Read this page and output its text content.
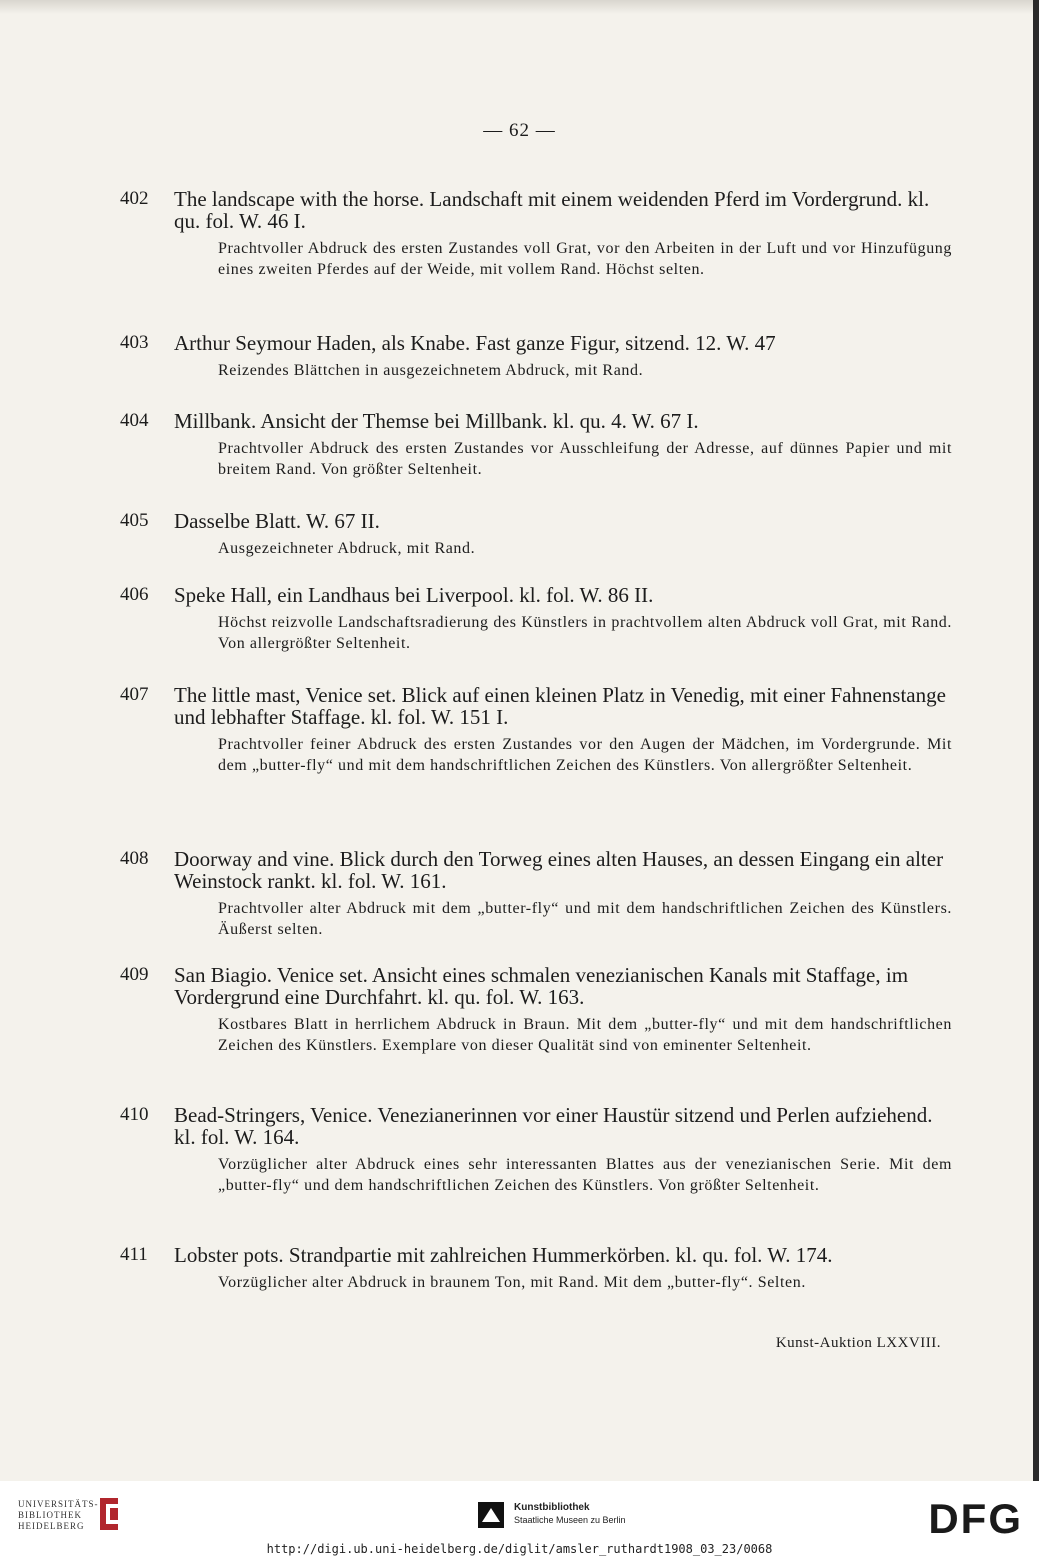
— 62 —
402	The landscape with the horse. Landschaft mit einem weidenden Pferd im Vordergrund. kl. qu. fol. W. 46 I.
Prachtvoller Abdruck des ersten Zustandes voll Grat, vor den Arbeiten in der Luft und vor Hinzufügung eines zweiten Pferdes auf der Weide, mit vollem Rand. Höchst selten.
403	Arthur Seymour Haden, als Knabe. Fast ganze Figur, sitzend. 12. W. 47
Reizendes Blättchen in ausgezeichnetem Abdruck, mit Rand.
404	Millbank. Ansicht der Themse bei Millbank. kl. qu. 4. W. 67 I.
Prachtvoller Abdruck des ersten Zustandes vor Ausschleifung der Adresse, auf dünnes Papier und mit breitem Rand. Von größter Seltenheit.
405	Dasselbe Blatt. W. 67 II.
Ausgezeichneter Abdruck, mit Rand.
406	Speke Hall, ein Landhaus bei Liverpool. kl. fol. W. 86 II.
Höchst reizvolle Landschaftsradierung des Künstlers in prachtvollem alten Abdruck voll Grat, mit Rand. Von allergrößter Seltenheit.
407	The little mast, Venice set. Blick auf einen kleinen Platz in Venedig, mit einer Fahnenstange und lebhafter Staffage. kl. fol. W. 151 I.
Prachtvoller feiner Abdruck des ersten Zustandes vor den Augen der Mädchen, im Vordergrunde. Mit dem „butter-fly“ und mit dem handschriftlichen Zeichen des Künstlers. Von allergrößter Seltenheit.
408	Doorway and vine. Blick durch den Torweg eines alten Hauses, an dessen Eingang ein alter Weinstock rankt. kl. fol. W. 161.
Prachtvoller alter Abdruck mit dem „butter-fly“ und mit dem handschriftlichen Zeichen des Künstlers. Äußerst selten.
409	San Biagio. Venice set. Ansicht eines schmalen venezianischen Kanals mit Staffage, im Vordergrund eine Durchfahrt. kl. qu. fol. W. 163.
Kostbares Blatt in herrlichem Abdruck in Braun. Mit dem „butter-fly“ und mit dem handschriftlichen Zeichen des Künstlers. Exemplare von dieser Qualität sind von eminenter Seltenheit.
410	Bead-Stringers, Venice. Venezianerinnen vor einer Haustür sitzend und Perlen aufziehend. kl. fol. W. 164.
Vorzüglicher alter Abdruck eines sehr interessanten Blattes aus der venezianischen Serie. Mit dem „butter-fly“ und dem handschriftlichen Zeichen des Künstlers. Von größter Seltenheit.
411	Lobster pots. Strandpartie mit zahlreichen Hummerkörben. kl. qu. fol. W. 174.
Vorzüglicher alter Abdruck in braunem Ton, mit Rand. Mit dem „butter-fly“. Selten.
Kunst-Auktion LXXVIII.
UNIVERSITÄTS-
BIBLIOTHEK
HEIDELBERG
Kunstbibliothek
Staatliche Museen zu Berlin	DFG
http://digi.ub.uni-heidelberg.de/diglit/amsler_ruthardt1908_03_23/0068
